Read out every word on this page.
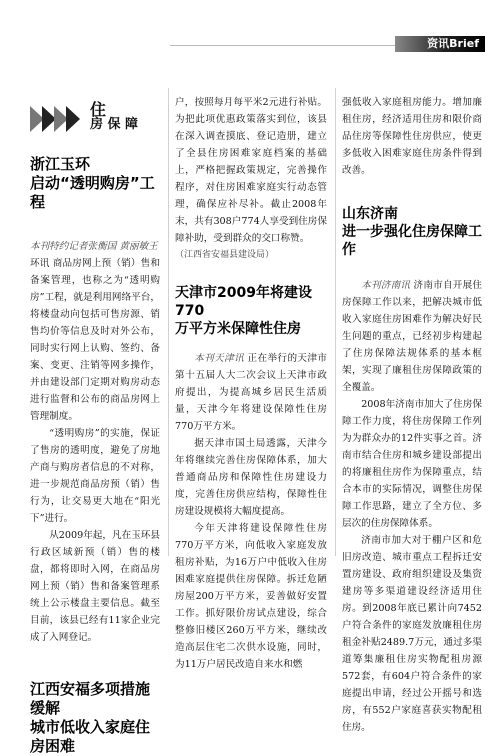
资讯Brief
住
房 保 障
浙江玉环
启动“透明购房”工程

本刊特约记者张衡国 黄丽敏王

环讯 商品房网上预（销）售和备案管理，也称之为“透明购房”工程，就是利用网络平台，将楼盘动向包括可售房源、销售均价等信息及时对外公布，同时实行网上认购、签约、备案、变更、注销等网多操作，并由建设部门定期对购房动态进行监督和公布的商品房网上管理制度。

“透明购房”的实施，保证了售房的透明度，避免了房地产商与购房者信息的不对称，进一步规范商品房预（销）售行为，让交易更大地在“阳光下”进行。

从2009年起，凡在玉环县行政区域新预（销）售的楼盘，都将即时入网，在商品房网上预（销）售和备案管理系统上公示楼盘主要信息。截至目前，该县已经有11家企业完成了入网登记。

江西安福多项措施缓解
城市低收入家庭住房困难

户，按照每月每平米2元进行补贴。为把此项优惠政策落实到位，该县在深入调查摸底、登记造册，建立了全县住房困难家庭档案的基础上，严格把握政策规定，完善操作程序，对住房困难家庭实行动态管理，确保应补尽补。截止2008年末，共有308户774人享受到住房保障补助，受到群众的交口称赞。

（江西省安福县建设局）

天津市2009年将建设770
万平方米保障性住房

本刊天津讯 正在举行的天津市第十五届人大二次会议上天津市政府提出，为提高城乡居民生活质量，天津今年将建设保障性住房770万平方米。

据天津市国土局透露，天津今年将继续完善住房保障体系，加大普通商品房和保障性住房建设力度，完善住房供应结构，保障性住房建设规模将大幅度提高。

今年天津将建设保障性住房770万平方米，向低收入家庭发放租房补贴，为16万户中低收入住房困难家庭提供住房保障。拆迁危陋房屋200万平方米，妥善做好安置工作。抓好限价房试点建设，综合整修旧楼区260万平方米，继续改造高层住宅二次供水设施，同时，为11万户居民改造自来水和燃

强低收入家庭租房能力。增加廉租住房，经济适用住房和限价商品住房等保障性住房供应，使更多低收入困难家庭住房条件得到改善。

山东济南
进一步强化住房保障工作

本刊济南讯 济南市自开展住房保障工作以来，把解决城市低收入家庭住房困难作为解决好民生问题的重点，已经初步构建起了住房保障法规体系的基本框架，实现了廉租住房保障政策的全覆盖。

2008年济南市加大了住房保障工作力度，将住房保障工作列为为群众办的12件实事之首。济南市结合住房和城乡建设部提出的将廉租住房作为保障重点，结合本市的实际情况，调整住房保障工作思路，建立了全方位、多层次的住房保障体系。

济南市加大对于棚户区和危旧房改造、城市重点工程拆迁安置房建设、政府组织建设及集资建房等多渠道建设经济适用住房。到2008年底已累计向7452户符合条件的家庭发放廉租住房租金补贴2489.7万元，通过多渠道筹集廉租住房实物配租房源572套，有604户符合条件的家庭提出申请，经过公开摇号和选房，有552户家庭喜获实物配租住房。
